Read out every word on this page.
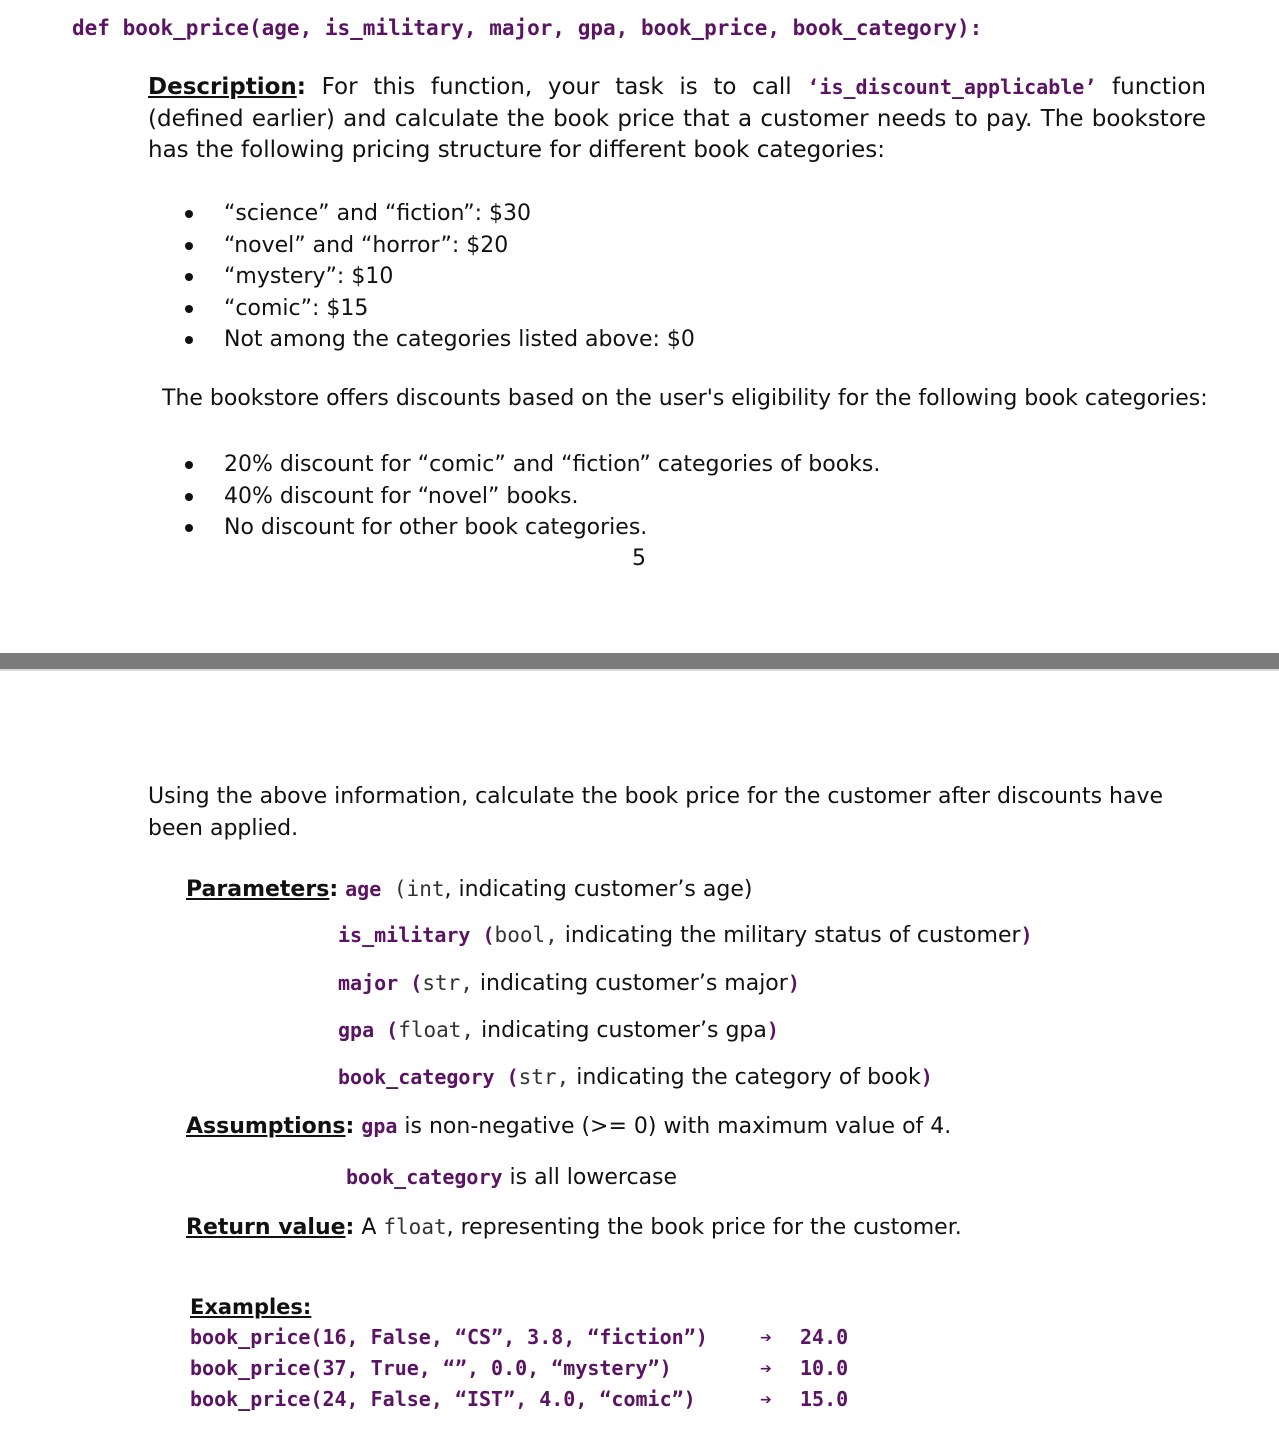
def book_price(age, is_military, major, gpa, book_price, book_category):
Description: For this function, your task is to call ‘is_discount_applicable’ function (defined earlier) and calculate the book price that a customer needs to pay. The bookstore has the following pricing structure for different book categories:
“science” and “fiction”: $30
“novel” and “horror”: $20
“mystery”: $10
“comic”: $15
Not among the categories listed above: $0
The bookstore offers discounts based on the user's eligibility for the following book categories:
20% discount for “comic” and “fiction” categories of books.
40% discount for “novel” books.
No discount for other book categories.
5
Using the above information, calculate the book price for the customer after discounts have been applied.
Parameters: age (int, indicating customer’s age)
is_military (bool, indicating the military status of customer)
major (str, indicating customer’s major)
gpa (float, indicating customer’s gpa)
book_category (str, indicating the category of book)
Assumptions: gpa is non-negative (>= 0) with maximum value of 4.
book_category is all lowercase
Return value: A float, representing the book price for the customer.
Examples:
book_price(16, False, “CS”, 3.8, “fiction”)	➔ 24.0
book_price(37, True, “”, 0.0, “mystery”)	➔ 10.0
book_price(24, False, “IST”, 4.0, “comic”)	➔ 15.0
